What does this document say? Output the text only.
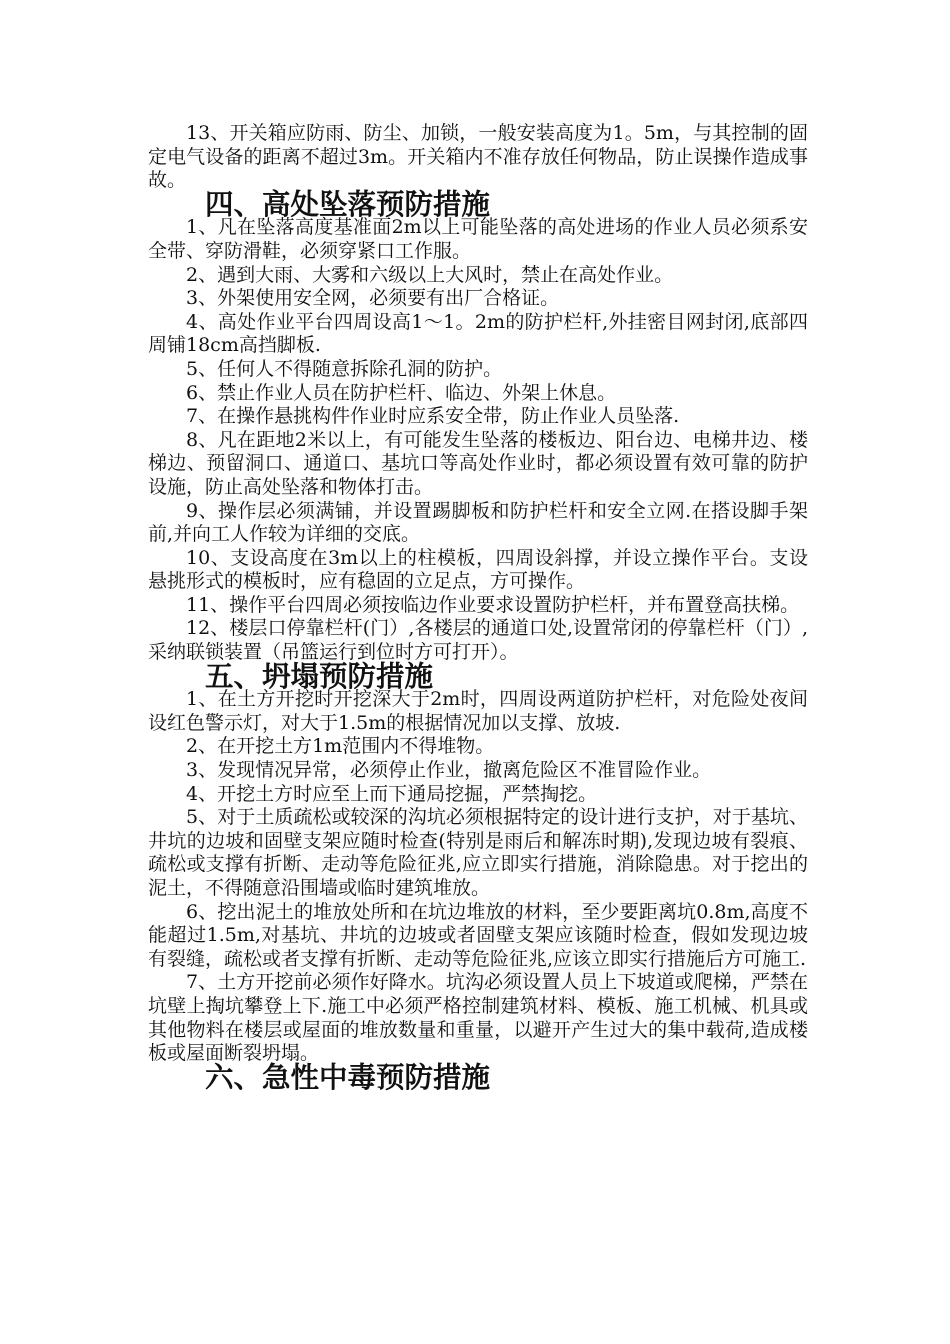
13、开关箱应防雨、防尘、加锁，一般安装高度为1。5m，与其控制的固定电气设备的距离不超过3m。开关箱内不准存放任何物品，防止误操作造成事故。

四、高处坠落预防措施

1、凡在坠落高度基准面2m以上可能坠落的高处进场的作业人员必须系安全带、穿防滑鞋，必须穿紧口工作服。

2、遇到大雨、大雾和六级以上大风时，禁止在高处作业。

3、外架使用安全网，必须要有出厂合格证。

4、高处作业平台四周设高1～1。2m的防护栏杆,外挂密目网封闭,底部四周铺18cm高挡脚板.

5、任何人不得随意拆除孔洞的防护。

6、禁止作业人员在防护栏杆、临边、外架上休息。

7、在操作悬挑构件作业时应系安全带，防止作业人员坠落.

8、凡在距地2米以上，有可能发生坠落的楼板边、阳台边、电梯井边、楼梯边、预留洞口、通道口、基坑口等高处作业时，都必须设置有效可靠的防护设施，防止高处坠落和物体打击。

9、操作层必须满铺，并设置踢脚板和防护栏杆和安全立网.在搭设脚手架前,并向工人作较为详细的交底。

10、支设高度在3m以上的柱模板，四周设斜撑，并设立操作平台。支设悬挑形式的模板时，应有稳固的立足点，方可操作。

11、操作平台四周必须按临边作业要求设置防护栏杆，并布置登高扶梯。

12、楼层口停靠栏杆(门）,各楼层的通道口处,设置常闭的停靠栏杆（门）,采纳联锁装置（吊篮运行到位时方可打开）。

五、坍塌预防措施

1、在土方开挖时开挖深大于2m时，四周设两道防护栏杆，对危险处夜间设红色警示灯，对大于1.5m的根据情况加以支撑、放坡.

2、在开挖土方1m范围内不得堆物。

3、发现情况异常，必须停止作业，撤离危险区不准冒险作业。

4、开挖土方时应至上而下通局挖掘，严禁掏挖。

5、对于土质疏松或较深的沟坑必须根据特定的设计进行支护，对于基坑、井坑的边坡和固壁支架应随时检查(特别是雨后和解冻时期),发现边坡有裂痕、疏松或支撑有折断、走动等危险征兆,应立即实行措施，消除隐患。对于挖出的泥土，不得随意沿围墙或临时建筑堆放。

6、挖出泥土的堆放处所和在坑边堆放的材料，至少要距离坑0.8m,高度不能超过1.5m,对基坑、井坑的边坡或者固壁支架应该随时检查，假如发现边坡有裂缝，疏松或者支撑有折断、走动等危险征兆,应该立即实行措施后方可施工.

7、土方开挖前必须作好降水。坑沟必须设置人员上下坡道或爬梯，严禁在坑壁上掏坑攀登上下.施工中必须严格控制建筑材料、模板、施工机械、机具或其他物料在楼层或屋面的堆放数量和重量，以避开产生过大的集中载荷,造成楼板或屋面断裂坍塌。

六、急性中毒预防措施
